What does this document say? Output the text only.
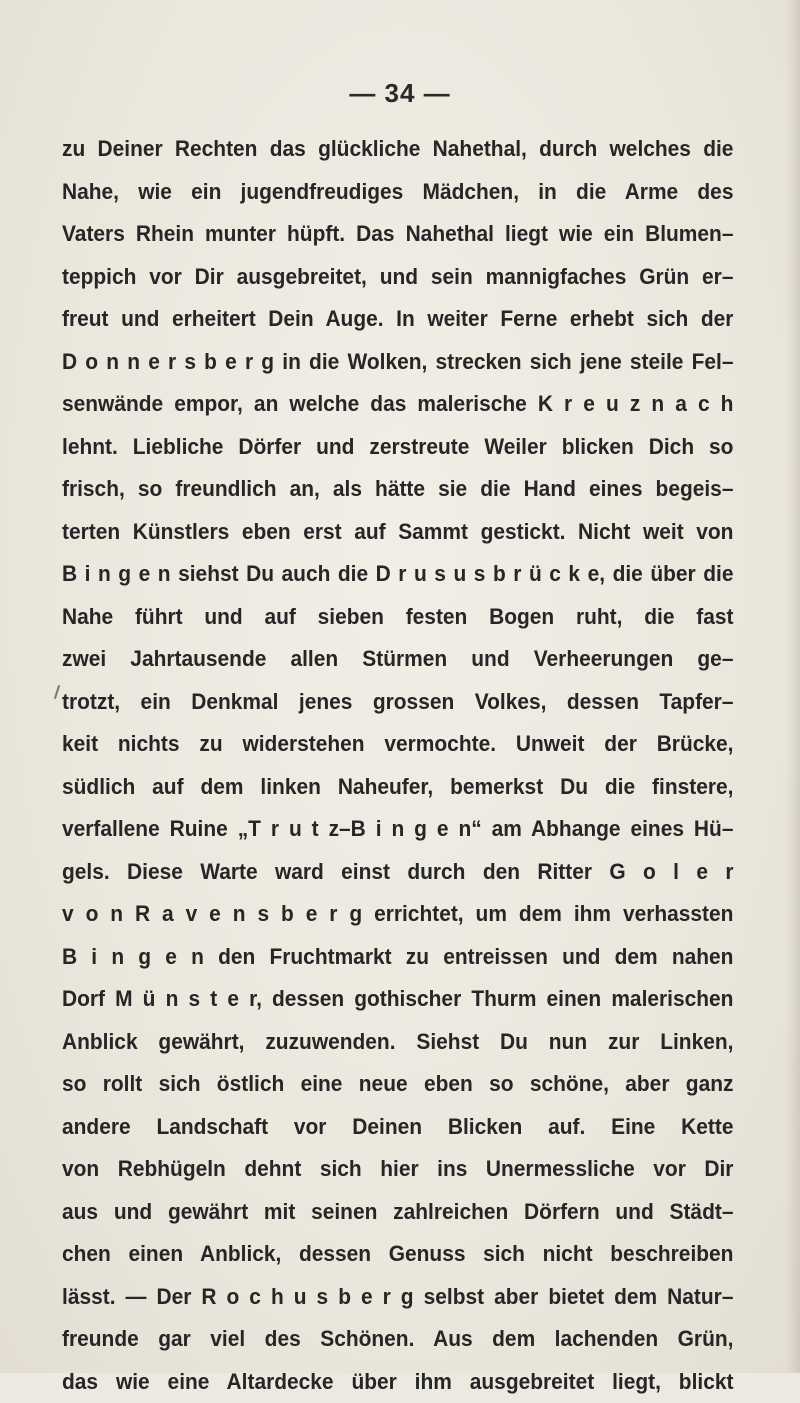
— 34 —
zu Deiner Rechten das glückliche Nahethal, durch welches die
Nahe, wie ein jugendfreudiges Mädchen, in die Arme des
Vaters Rhein munter hüpft. Das Nahethal liegt wie ein Blumen–
teppich vor Dir ausgebreitet, und sein mannigfaches Grün er–
freut und erheitert Dein Auge. In weiter Ferne erhebt sich der
D o n n e r s b e r g in die Wolken, strecken sich jene steile Fel–
senwände empor, an welche das malerische K r e u z n a c h
lehnt. Liebliche Dörfer und zerstreute Weiler blicken Dich so
frisch, so freundlich an, als hätte sie die Hand eines begeis–
terten Künstlers eben erst auf Sammt gestickt. Nicht weit von
B i n g e n siehst Du auch die D r u s u s b r ü c k e, die über die
Nahe führt und auf sieben festen Bogen ruht, die fast
zwei Jahrtausende allen Stürmen und Verheerungen ge–
trotzt, ein Denkmal jenes grossen Volkes, dessen Tapfer–
keit nichts zu widerstehen vermochte. Unweit der Brücke,
südlich auf dem linken Naheufer, bemerkst Du die finstere,
verfallene Ruine „T r u t z–B i n g e n“ am Abhange eines Hü–
gels. Diese Warte ward einst durch den Ritter G o l e r
v o n R a v e n s b e r g errichtet, um dem ihm verhassten
B i n g e n den Fruchtmarkt zu entreissen und dem nahen
Dorf M ü n s t e r, dessen gothischer Thurm einen malerischen
Anblick gewährt, zuzuwenden. Siehst Du nun zur Linken,
so rollt sich östlich eine neue eben so schöne, aber ganz
andere Landschaft vor Deinen Blicken auf. Eine Kette
von Rebhügeln dehnt sich hier ins Unermessliche vor Dir
aus und gewährt mit seinen zahlreichen Dörfern und Städt–
chen einen Anblick, dessen Genuss sich nicht beschreiben
lässt. — Der R o c h u s b e r g selbst aber bietet dem Natur–
freunde gar viel des Schönen. Aus dem lachenden Grün,
das wie eine Altardecke über ihm ausgebreitet liegt, blickt
